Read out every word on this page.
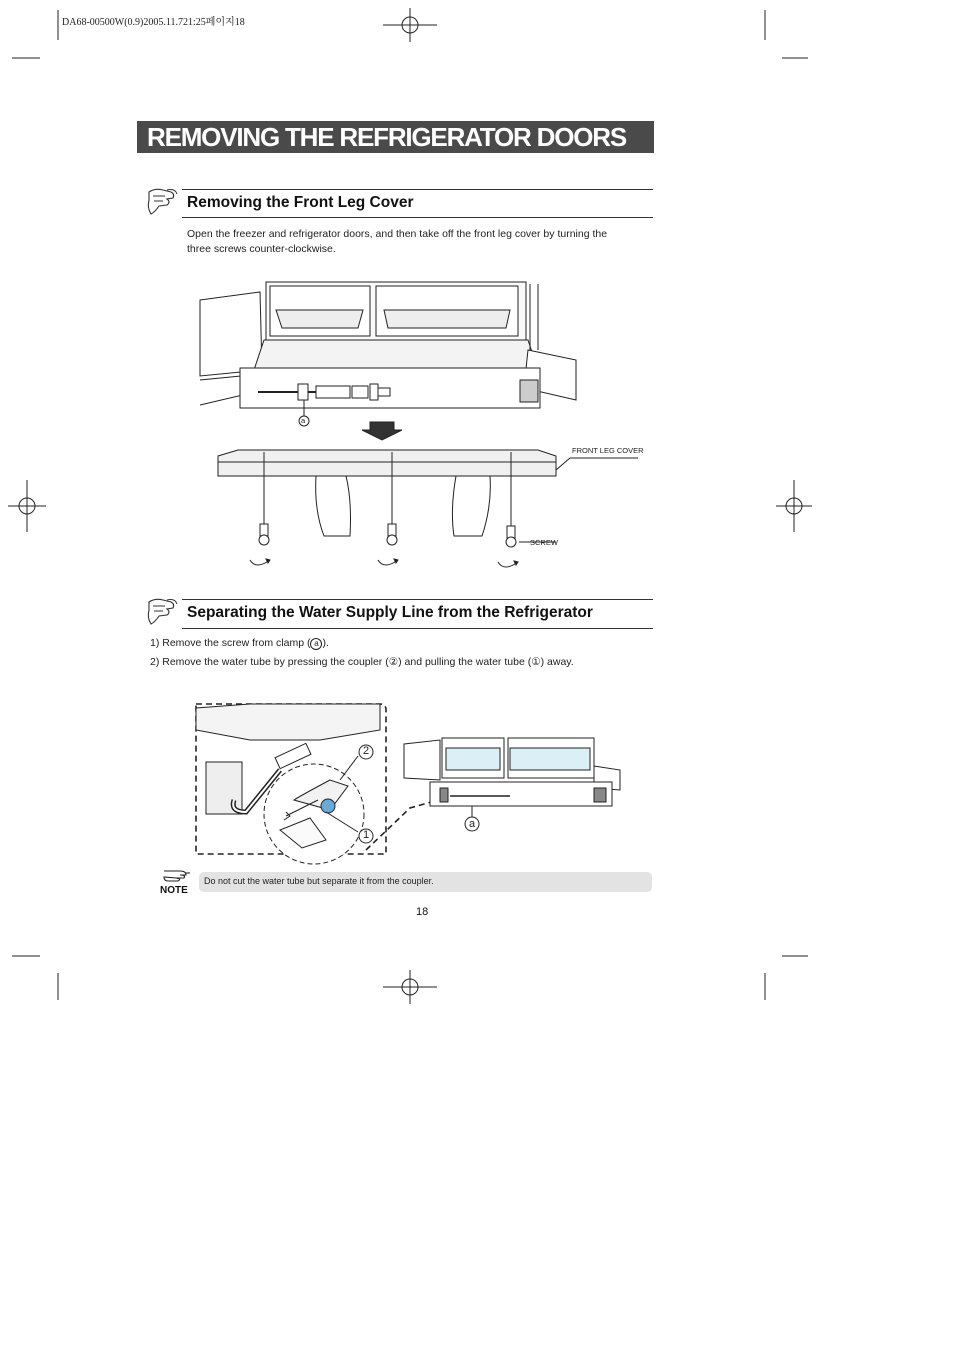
DA68-00500W(0.9)2005.11.721:25페이지18
REMOVING THE REFRIGERATOR DOORS
Removing the Front Leg Cover
Open the freezer and refrigerator doors, and then take off the front leg cover by turning the
three screws counter-clockwise.
a
FRONT LEG COVER
SCREW
Separating the Water Supply Line from the Refrigerator
1) Remove the screw from clamp ( a ).
2) Remove the water tube by pressing the coupler (②) and pulling the water tube (①) away.
2
1
a
NOTE
Do not cut the water tube but separate it from the coupler.
18
